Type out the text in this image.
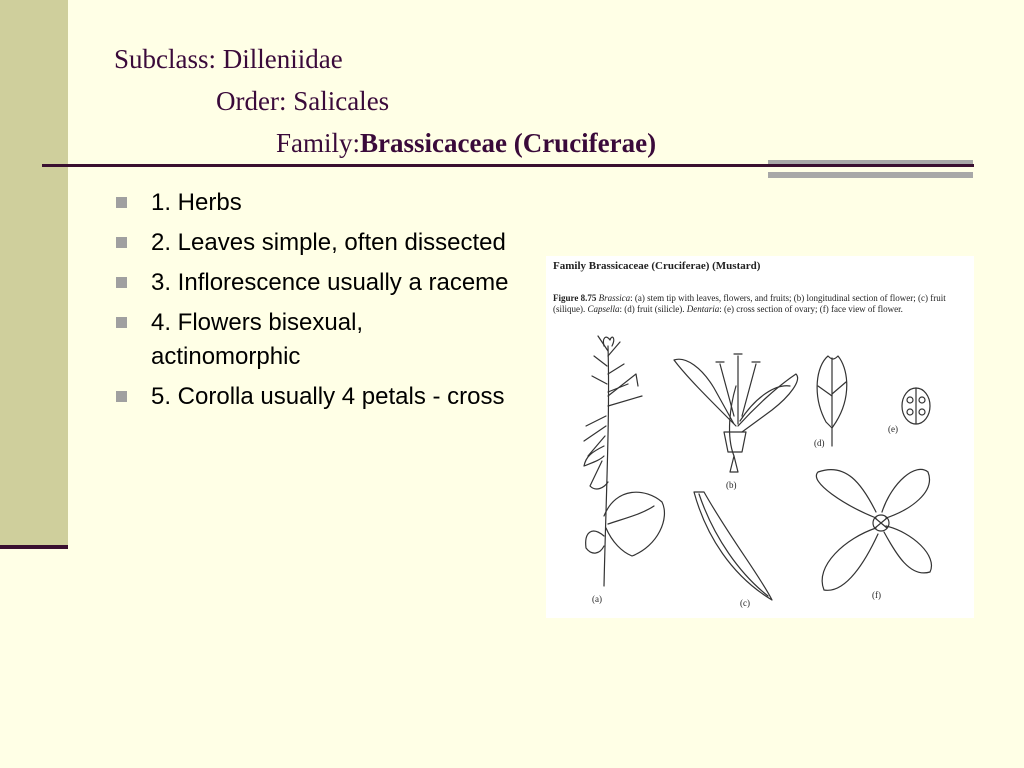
Subclass: Dilleniidae
Order: Salicales
Family:Brassicaceae (Cruciferae)
1. Herbs
2. Leaves simple, often dissected
3. Inflorescence usually a raceme
4. Flowers bisexual, actinomorphic
5. Corolla usually 4 petals - cross
(a)
(b)
(c)
(d)
(e)
(f)
Family Brassicaceae (Cruciferae) (Mustard)
Figure 8.75 Brassica: (a) stem tip with leaves, flowers, and fruits; (b) longitudinal section of flower; (c) fruit (silique). Capsella: (d) fruit (silicle). Dentaria: (e) cross section of ovary; (f) face view of flower.
